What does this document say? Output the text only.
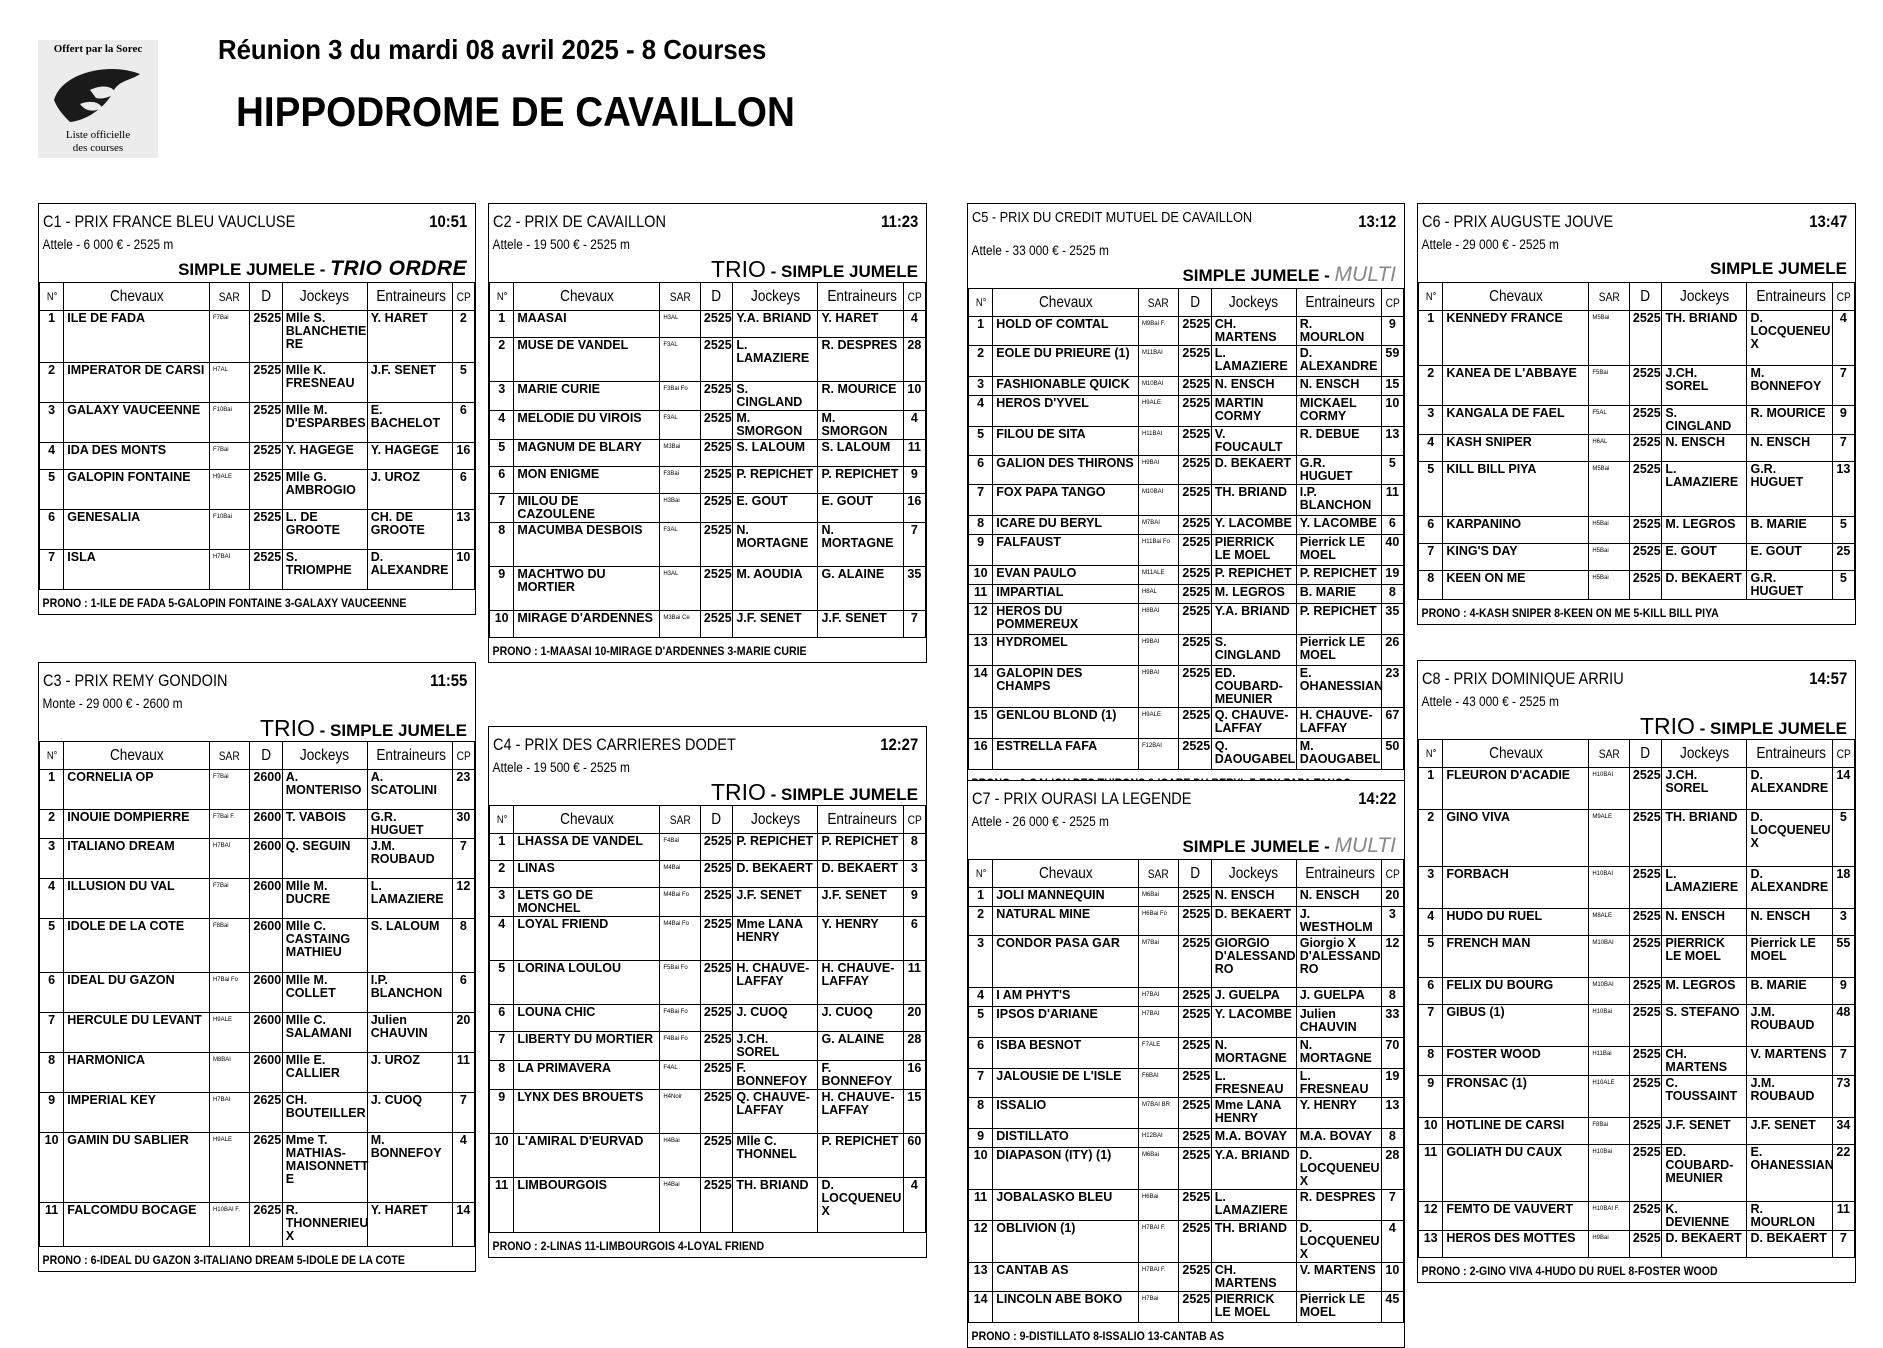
Offert par la Sorec
Liste officielle
des courses
Réunion 3 du mardi 08 avril 2025 - 8 Courses
HIPPODROME DE CAVAILLON
C1 - PRIX FRANCE BLEU VAUCLUSE	10:51
Attele - 6 000 € - 2525 m
SIMPLE JUMELE - TRIO ORDRE
N°	Chevaux	SAR	D	Jockeys	Entraineurs	CP
1	ILE DE FADA	F7Bai	2525	Mlle S. BLANCHETIE RE	Y. HARET	2
2	IMPERATOR DE CARSI	H7AL	2525	Mlle K. FRESNEAU	J.F. SENET	5
3	GALAXY VAUCEENNE	F10Bai	2525	Mlle M. D'ESPARBES	E. BACHELOT	6
4	IDA DES MONTS	F7Bai	2525	Y. HAGEGE	Y. HAGEGE	16
5	GALOPIN FONTAINE	H9ALE	2525	Mlle G. AMBROGIO	J. UROZ	6
6	GENESALIA	F10Bai	2525	L. DE GROOTE	CH. DE GROOTE	13
7	ISLA	H7BAI	2525	S. TRIOMPHE	D. ALEXANDRE	10
PRONO : 1-ILE DE FADA 5-GALOPIN FONTAINE 3-GALAXY VAUCEENNE
C2 - PRIX DE CAVAILLON	11:23
Attele - 19 500 € - 2525 m
TRIO - SIMPLE JUMELE
N°	Chevaux	SAR	D	Jockeys	Entraineurs	CP
1	MAASAI	H3AL	2525	Y.A. BRIAND	Y. HARET	4
2	MUSE DE VANDEL	F3AL	2525	L. LAMAZIERE	R. DESPRES	28
3	MARIE CURIE	F3Bai Fo	2525	S. CINGLAND	R. MOURICE	10
4	MELODIE DU VIROIS	F3AL	2525	M. SMORGON	M. SMORGON	4
5	MAGNUM DE BLARY	M3Bai	2525	S. LALOUM	S. LALOUM	11
6	MON ENIGME	F3Bai	2525	P. REPICHET	P. REPICHET	9
7	MILOU DE CAZOULENE	H3Bai	2525	E. GOUT	E. GOUT	16
8	MACUMBA DESBOIS	F3AL	2525	N. MORTAGNE	N. MORTAGNE	7
9	MACHTWO DU MORTIER	H3AL	2525	M. AOUDIA	G. ALAINE	35
10	MIRAGE D'ARDENNES	M3Bai Ce	2525	J.F. SENET	J.F. SENET	7
PRONO : 1-MAASAI 10-MIRAGE D'ARDENNES 3-MARIE CURIE
C3 - PRIX REMY GONDOIN	11:55
Monte - 29 000 € - 2600 m
TRIO - SIMPLE JUMELE
N°	Chevaux	SAR	D	Jockeys	Entraineurs	CP
1	CORNELIA OP	F7Bai	2600	A. MONTERISO	A. SCATOLINI	23
2	INOUIE DOMPIERRE	F7Bai F.	2600	T. VABOIS	G.R. HUGUET	30
3	ITALIANO DREAM	H7BAI	2600	Q. SEGUIN	J.M. ROUBAUD	7
4	ILLUSION DU VAL	F7Bai	2600	Mlle M. DUCRE	L. LAMAZIERE	12
5	IDOLE DE LA COTE	F8Bai	2600	Mlle C. CASTAING MATHIEU	S. LALOUM	8
6	IDEAL DU GAZON	H7Bai Fo	2600	Mlle M. COLLET	I.P. BLANCHON	6
7	HERCULE DU LEVANT	H9ALE	2600	Mlle C. SALAMANI	Julien CHAUVIN	20
8	HARMONICA	M8BAI	2600	Mlle E. CALLIER	J. UROZ	11
9	IMPERIAL KEY	H7BAI	2625	CH. BOUTEILLER	J. CUOQ	7
10	GAMIN DU SABLIER	H9ALE	2625	Mme T. MATHIAS-MAISONNETT E	M. BONNEFOY	4
11	FALCOMDU BOCAGE	H10BAI F.	2625	R. THONNERIEU X	Y. HARET	14
PRONO : 6-IDEAL DU GAZON 3-ITALIANO DREAM 5-IDOLE DE LA COTE
C4 - PRIX DES CARRIERES DODET	12:27
Attele - 19 500 € - 2525 m
TRIO - SIMPLE JUMELE
N°	Chevaux	SAR	D	Jockeys	Entraineurs	CP
1	LHASSA DE VANDEL	F4Bai	2525	P. REPICHET	P. REPICHET	8
2	LINAS	M4Bai	2525	D. BEKAERT	D. BEKAERT	3
3	LETS GO DE MONCHEL	M4Bai Fo	2525	J.F. SENET	J.F. SENET	9
4	LOYAL FRIEND	M4Bai Fo	2525	Mme LANA HENRY	Y. HENRY	6
5	LORINA LOULOU	F5Bai Fo	2525	H. CHAUVE-LAFFAY	H. CHAUVE-LAFFAY	11
6	LOUNA CHIC	F4Bai Fo	2525	J. CUOQ	J. CUOQ	20
7	LIBERTY DU MORTIER	F4Bai Fo	2525	J.CH. SOREL	G. ALAINE	28
8	LA PRIMAVERA	F4AL	2525	F. BONNEFOY	F. BONNEFOY	16
9	LYNX DES BROUETS	H4Noir	2525	Q. CHAUVE-LAFFAY	H. CHAUVE-LAFFAY	15
10	L'AMIRAL D'EURVAD	H4Bai	2525	Mlle C. THONNEL	P. REPICHET	60
11	LIMBOURGOIS	H4Bai	2525	TH. BRIAND	D. LOCQUENEU X	4
PRONO : 2-LINAS 11-LIMBOURGOIS 4-LOYAL FRIEND
C5 - PRIX DU CREDIT MUTUEL DE CAVAILLON	13:12
Attele - 33 000 € - 2525 m
SIMPLE JUMELE - MULTI
N°	Chevaux	SAR	D	Jockeys	Entraineurs	CP
1	HOLD OF COMTAL	M9Bai F.	2525	CH. MARTENS	R. MOURLON	9
2	EOLE DU PRIEURE (1)	M11BAI	2525	L. LAMAZIERE	D. ALEXANDRE	59
3	FASHIONABLE QUICK	M10BAI	2525	N. ENSCH	N. ENSCH	15
4	HEROS D'YVEL	H9ALE	2525	MARTIN CORMY	MICKAEL CORMY	10
5	FILOU DE SITA	H11BAI	2525	V. FOUCAULT	R. DEBUE	13
6	GALION DES THIRONS	H9BAI	2525	D. BEKAERT	G.R. HUGUET	5
7	FOX PAPA TANGO	M10BAI	2525	TH. BRIAND	I.P. BLANCHON	11
8	ICARE DU BERYL	M7BAI	2525	Y. LACOMBE	Y. LACOMBE	6
9	FALFAUST	H11Bai Fo	2525	PIERRICK LE MOEL	Pierrick LE MOEL	40
10	EVAN PAULO	M11ALE	2525	P. REPICHET	P. REPICHET	19
11	IMPARTIAL	H8AL	2525	M. LEGROS	B. MARIE	8
12	HEROS DU POMMEREUX	H8BAI	2525	Y.A. BRIAND	P. REPICHET	35
13	HYDROMEL	H9BAI	2525	S. CINGLAND	Pierrick LE MOEL	26
14	GALOPIN DES CHAMPS	H9BAI	2525	ED. COUBARD-MEUNIER	E. OHANESSIAN	23
15	GENLOU BLOND (1)	H9ALE	2525	Q. CHAUVE-LAFFAY	H. CHAUVE-LAFFAY	67
16	ESTRELLA FAFA	F12BAI	2525	Q. DAOUGABEL	M. DAOUGABEL	50
C6 - PRIX AUGUSTE JOUVE	13:47
Attele - 29 000 € - 2525 m
SIMPLE JUMELE
N°	Chevaux	SAR	D	Jockeys	Entraineurs	CP
1	KENNEDY FRANCE	M5Bai	2525	TH. BRIAND	D. LOCQUENEU X	4
2	KANEA DE L'ABBAYE	F5Bai	2525	J.CH. SOREL	M. BONNEFOY	7
3	KANGALA DE FAEL	F5AL	2525	S. CINGLAND	R. MOURICE	9
4	KASH SNIPER	H6AL	2525	N. ENSCH	N. ENSCH	7
5	KILL BILL PIYA	M5Bai	2525	L. LAMAZIERE	G.R. HUGUET	13
6	KARPANINO	H5Bai	2525	M. LEGROS	B. MARIE	5
7	KING'S DAY	H5Bai	2525	E. GOUT	E. GOUT	25
8	KEEN ON ME	H5Bai	2525	D. BEKAERT	G.R. HUGUET	5
PRONO : 4-KASH SNIPER 8-KEEN ON ME 5-KILL BILL PIYA
C7 - PRIX OURASI LA LEGENDE	14:22
Attele - 26 000 € - 2525 m
SIMPLE JUMELE - MULTI
N°	Chevaux	SAR	D	Jockeys	Entraineurs	CP
1	JOLI MANNEQUIN	M6Bai	2525	N. ENSCH	N. ENSCH	20
2	NATURAL MINE	H6Bai Fo	2525	D. BEKAERT	J. WESTHOLM	3
3	CONDOR PASA GAR	M7Bai	2525	GIORGIO D'ALESSAND RO	Giorgio X D'ALESSAND RO	12
4	I AM PHYT'S	H7BAI	2525	J. GUELPA	J. GUELPA	8
5	IPSOS D'ARIANE	H7BAI	2525	Y. LACOMBE	Julien CHAUVIN	33
6	ISBA BESNOT	F7ALE	2525	N. MORTAGNE	N. MORTAGNE	70
7	JALOUSIE DE L'ISLE	F6BAI	2525	L. FRESNEAU	L. FRESNEAU	19
8	ISSALIO	M7BAI BR	2525	Mme LANA HENRY	Y. HENRY	13
9	DISTILLATO	H12BAI	2525	M.A. BOVAY	M.A. BOVAY	8
10	DIAPASON (ITY) (1)	M6Bai	2525	Y.A. BRIAND	D. LOCQUENEU X	28
11	JOBALASKO BLEU	H6Bai	2525	L. LAMAZIERE	R. DESPRES	7
12	OBLIVION (1)	H7BAI F.	2525	TH. BRIAND	D. LOCQUENEU X	4
13	CANTAB AS	H7BAI F.	2525	CH. MARTENS	V. MARTENS	10
14	LINCOLN ABE BOKO	H7Bai	2525	PIERRICK LE MOEL	Pierrick LE MOEL	45
PRONO : 9-DISTILLATO 8-ISSALIO 13-CANTAB AS
C8 - PRIX DOMINIQUE ARRIU	14:57
Attele - 43 000 € - 2525 m
TRIO - SIMPLE JUMELE
N°	Chevaux	SAR	D	Jockeys	Entraineurs	CP
1	FLEURON D'ACADIE	H10BAI	2525	J.CH. SOREL	D. ALEXANDRE	14
2	GINO VIVA	M9ALE	2525	TH. BRIAND	D. LOCQUENEU X	5
3	FORBACH	H10BAI	2525	L. LAMAZIERE	D. ALEXANDRE	18
4	HUDO DU RUEL	M8ALE	2525	N. ENSCH	N. ENSCH	3
5	FRENCH MAN	M10BAI	2525	PIERRICK LE MOEL	Pierrick LE MOEL	55
6	FELIX DU BOURG	M10BAI	2525	M. LEGROS	B. MARIE	9
7	GIBUS (1)	H10Bai	2525	S. STEFANO	J.M. ROUBAUD	48
8	FOSTER WOOD	H11Bai	2525	CH. MARTENS	V. MARTENS	7
9	FRONSAC (1)	H10ALE	2525	C. TOUSSAINT	J.M. ROUBAUD	73
10	HOTLINE DE CARSI	F8Bai	2525	J.F. SENET	J.F. SENET	34
11	GOLIATH DU CAUX	H10Bai	2525	ED. COUBARD-MEUNIER	E. OHANESSIAN	22
12	FEMTO DE VAUVERT	H10BAI F.	2525	K. DEVIENNE	R. MOURLON	11
13	HEROS DES MOTTES	H9Bai	2525	D. BEKAERT	D. BEKAERT	7
PRONO : 2-GINO VIVA 4-HUDO DU RUEL 8-FOSTER WOOD
